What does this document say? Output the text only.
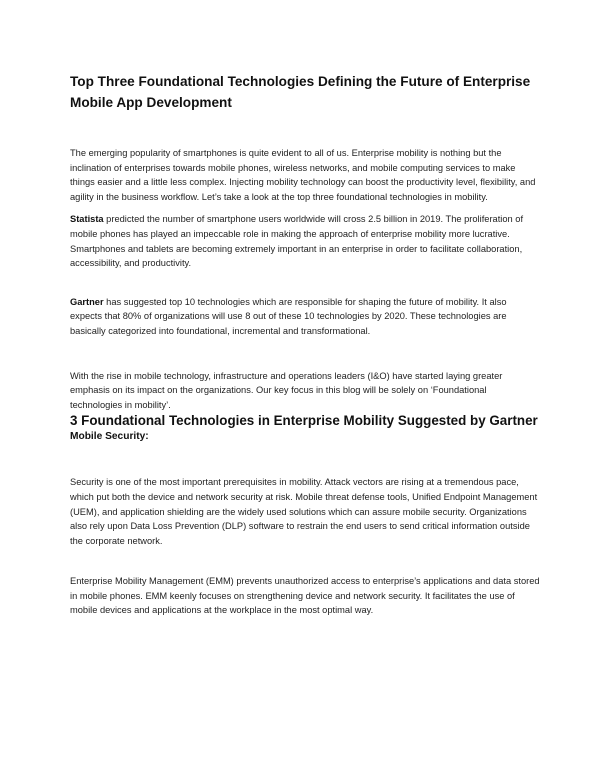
Top Three Foundational Technologies Defining the Future of Enterprise Mobile App Development

The emerging popularity of smartphones is quite evident to all of us. Enterprise mobility is nothing but the inclination of enterprises towards mobile phones, wireless networks, and mobile computing services to make things easier and a little less complex. Injecting mobility technology can boost the productivity level, flexibility, and agility in the business workflow. Let’s take a look at the top three foundational technologies in mobility.

Statista predicted the number of smartphone users worldwide will cross 2.5 billion in 2019. The proliferation of mobile phones has played an impeccable role in making the approach of enterprise mobility more lucrative. Smartphones and tablets are becoming extremely important in an enterprise in order to facilitate collaboration, accessibility, and productivity.

Gartner has suggested top 10 technologies which are responsible for shaping the future of mobility. It also expects that 80% of organizations will use 8 out of these 10 technologies by 2020. These technologies are basically categorized into foundational, incremental and transformational.

With the rise in mobile technology, infrastructure and operations leaders (I&O) have started laying greater emphasis on its impact on the organizations. Our key focus in this blog will be solely on ‘Foundational technologies in mobility’.

3 Foundational Technologies in Enterprise Mobility Suggested by Gartner
Mobile Security:

Security is one of the most important prerequisites in mobility. Attack vectors are rising at a tremendous pace, which put both the device and network security at risk. Mobile threat defense tools, Unified Endpoint Management (UEM), and application shielding are the widely used solutions which can assure mobile security. Organizations also rely upon Data Loss Prevention (DLP) software to restrain the end users to send critical information outside the corporate network.

Enterprise Mobility Management (EMM) prevents unauthorized access to enterprise’s applications and data stored in mobile phones. EMM keenly focuses on strengthening device and network security. It facilitates the use of mobile devices and applications at the workplace in the most optimal way.
